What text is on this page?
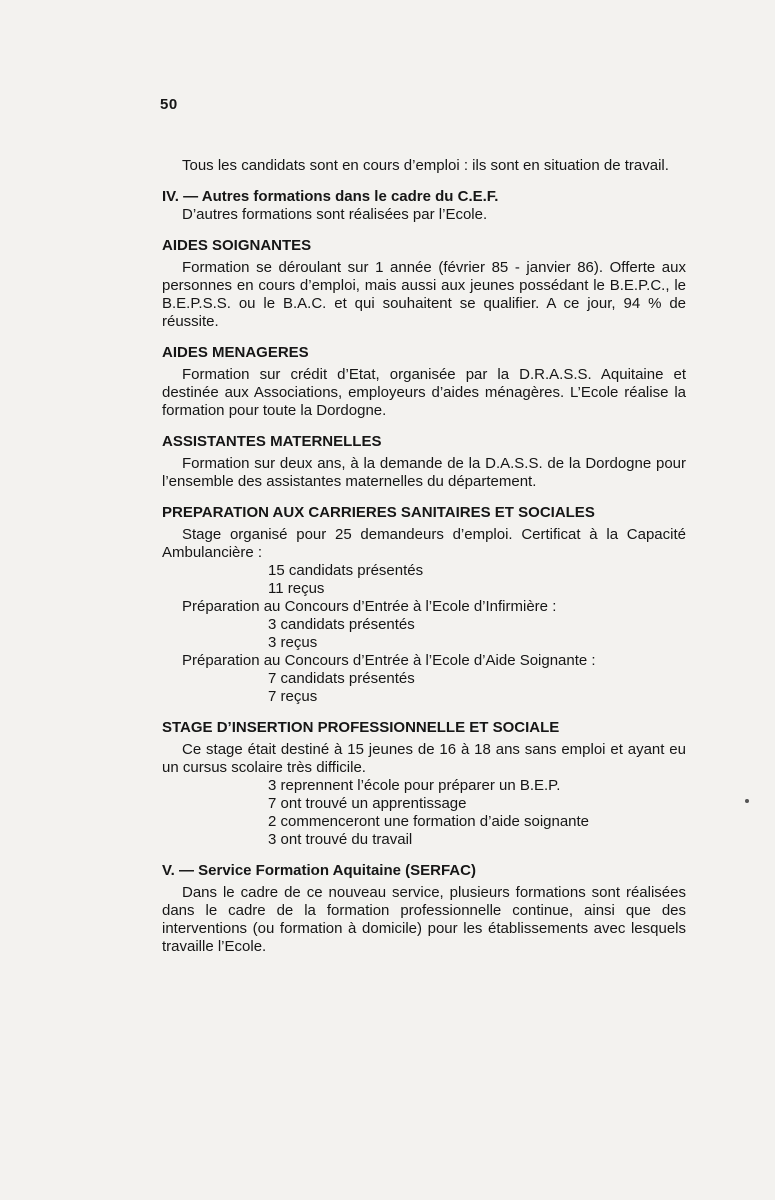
50

Tous les candidats sont en cours d’emploi : ils sont en situation de travail.

IV. — Autres formations dans le cadre du C.E.F.

D’autres formations sont réalisées par l’Ecole.

AIDES SOIGNANTES

Formation se déroulant sur 1 année (février 85 - janvier 86). Offerte aux personnes en cours d’emploi, mais aussi aux jeunes possédant le B.E.P.C., le B.E.P.S.S. ou le B.A.C. et qui souhaitent se qualifier. A ce jour, 94 % de réussite.

AIDES MENAGERES

Formation sur crédit d’Etat, organisée par la D.R.A.S.S. Aquitaine et destinée aux Associations, employeurs d’aides ménagères. L’Ecole réalise la formation pour toute la Dordogne.

ASSISTANTES MATERNELLES

Formation sur deux ans, à la demande de la D.A.S.S. de la Dordogne pour l’ensemble des assistantes maternelles du département.

PREPARATION AUX CARRIERES SANITAIRES ET SOCIALES

Stage organisé pour 25 demandeurs d’emploi. Certificat à la Capacité Ambulancière :

15 candidats présentés
11 reçus

Préparation au Concours d’Entrée à l’Ecole d’Infirmière :

3 candidats présentés
3 reçus

Préparation au Concours d’Entrée à l’Ecole d’Aide Soignante :

7 candidats présentés
7 reçus

STAGE D’INSERTION PROFESSIONNELLE ET SOCIALE

Ce stage était destiné à 15 jeunes de 16 à 18 ans sans emploi et ayant eu un cursus scolaire très difficile.

3 reprennent l’école pour préparer un B.E.P.
7 ont trouvé un apprentissage
2 commenceront une formation d’aide soignante
3 ont trouvé du travail

V. — Service Formation Aquitaine (SERFAC)

Dans le cadre de ce nouveau service, plusieurs formations sont réalisées dans le cadre de la formation professionnelle continue, ainsi que des interventions (ou formation à domicile) pour les établissements avec lesquels travaille l’Ecole.
